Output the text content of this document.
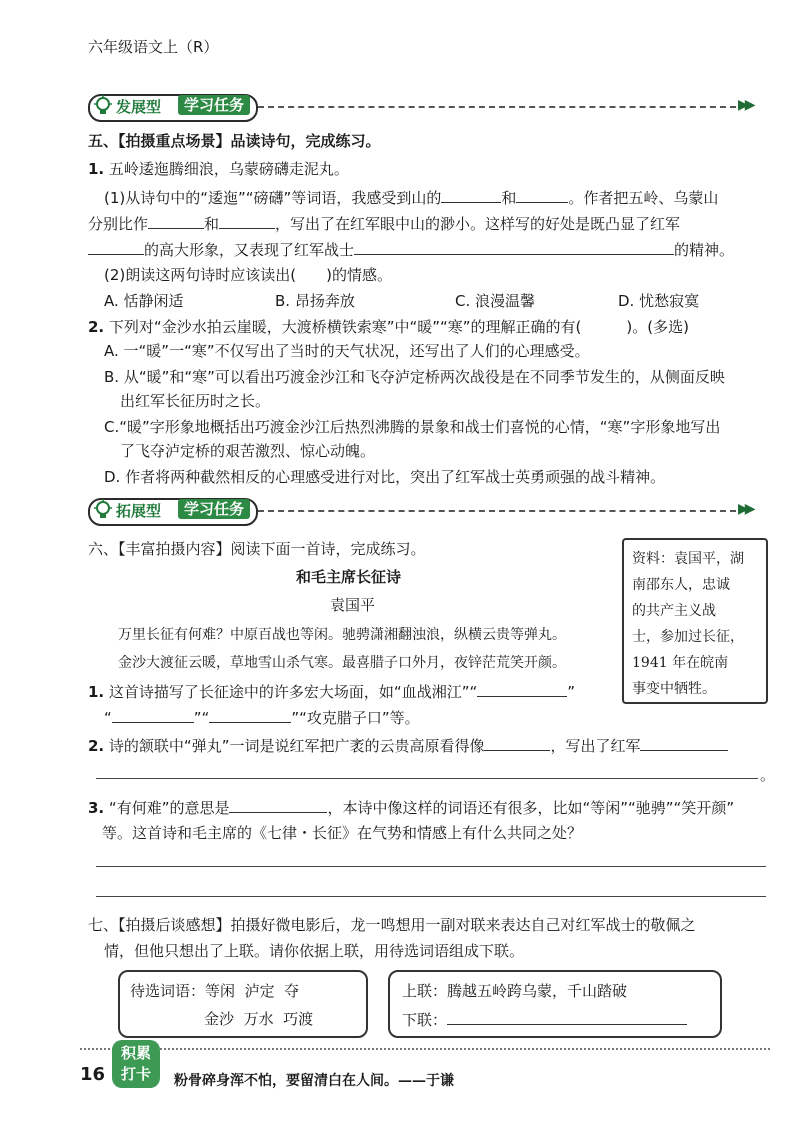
六年级语文上（R）
发展型	学习任务	▶▶
五、【拍摄重点场景】品读诗句，完成练习。
1. 五岭逶迤腾细浪，乌蒙磅礴走泥丸。
(1)从诗句中的“逶迤”“磅礴”等词语，我感受到山的	和	。作者把五岭、乌蒙山
分别比作	和	，写出了在红军眼中山的渺小。这样写的好处是既凸显了红军
的高大形象，又表现了红军战士	的精神。
(2)朗读这两句诗时应该读出(　　)的情感。
A. 恬静闲适	B. 昂扬奔放	C. 浪漫温馨	D. 忧愁寂寞
2. 下列对“金沙水拍云崖暖，大渡桥横铁索寒”中“暖”“寒”的理解正确的有(　　　)。(多选)
A. 一“暖”一“寒”不仅写出了当时的天气状况，还写出了人们的心理感受。
B. 从“暖”和“寒”可以看出巧渡金沙江和飞夺泸定桥两次战役是在不同季节发生的，从侧面反映
出红军长征历时之长。
C.“暖”字形象地概括出巧渡金沙江后热烈沸腾的景象和战士们喜悦的心情，“寒”字形象地写出
了飞夺泸定桥的艰苦激烈、惊心动魄。
D. 作者将两种截然相反的心理感受进行对比，突出了红军战士英勇顽强的战斗精神。
拓展型	学习任务	▶▶
六、【丰富拍摄内容】阅读下面一首诗，完成练习。
和毛主席长征诗
袁国平
万里长征有何难？中原百战也等闲。驰骋潇湘翻浊浪，纵横云贵等弹丸。
金沙大渡征云暖，草地雪山杀气寒。最喜腊子口外月，夜锌茫荒笑开颜。
资料：袁国平，湖
南邵东人，忠诚
的共产主义战
士，参加过长征，
1941 年在皖南
事变中牺牲。
1. 这首诗描写了长征途中的许多宏大场面，如“血战湘江”“	”
“	”“	”“攻克腊子口”等。
2. 诗的颔联中“弹丸”一词是说红军把广袤的云贵高原看得像	，写出了红军
。
3. “有何难”的意思是	，本诗中像这样的词语还有很多，比如“等闲”“驰骋”“笑开颜”
等。这首诗和毛主席的《七律・长征》在气势和情感上有什么共同之处？
七、【拍摄后谈感想】拍摄好微电影后，龙一鸣想用一副对联来表达自己对红军战士的敬佩之
情，但他只想出了上联。请你依据上联，用待选词语组成下联。
待选词语：等闲 泸定 夺
金沙 万水 巧渡
上联：腾越五岭跨乌蒙，千山踏破
下联：
16
积累
打卡	粉骨碎身浑不怕，要留清白在人间。——于谦
